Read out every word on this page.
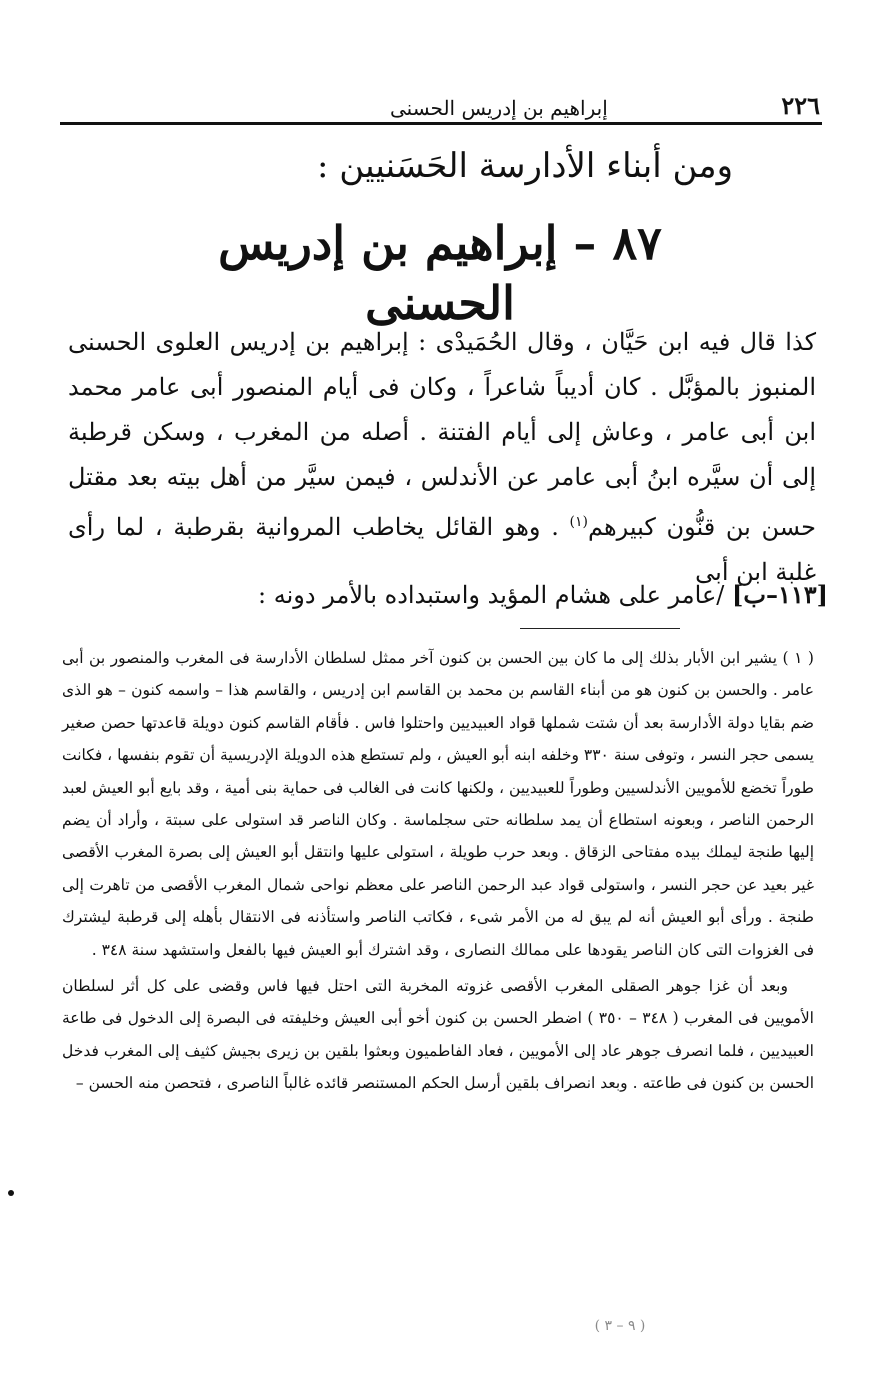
٢٢٦
إبراهيم بن إدريس الحسنى
ومن أبناء الأدارسة الحَسَنيين :
٨٧ – إبراهيم بن إدريس الحسنى

كذا قال فيه ابن حَيَّان ، وقال الحُمَيدْى : إبراهيم بن إدريس العلوى الحسنى المنبوز بالمؤبَّل . كان أديباً شاعراً ، وكان فى أيام المنصور أبى عامر محمد ابن أبى عامر ، وعاش إلى أيام الفتنة . أصله من المغرب ، وسكن قرطبة إلى أن سيَّره ابنُ أبى عامر عن الأندلس ، فيمن سيَّر من أهل بيته بعد مقتل حسن بن قنُّون كبيرهم$^{(١)}$ . وهو القائل يخاطب المروانية بقرطبة ، لما رأى غلبة ابن أبى

[١١٣–ب] /عامر على هشام المؤيد واستبداده بالأمر دونه :

( ١ ) يشير ابن الأبار بذلك إلى ما كان بين الحسن بن كنون آخر ممثل لسلطان الأدارسة فى المغرب والمنصور بن أبى عامر . والحسن بن كنون هو من أبناء القاسم بن محمد بن القاسم ابن إدريس ، والقاسم هذا – واسمه كنون – هو الذى ضم بقايا دولة الأدارسة بعد أن شتت شملها قواد العبيديين واحتلوا فاس . فأقام القاسم كنون دويلة قاعدتها حصن صغير يسمى حجر النسر ، وتوفى سنة ٣٣٠ وخلفه ابنه أبو العيش ، ولم تستطع هذه الدويلة الإدريسية أن تقوم بنفسها ، فكانت طوراً تخضع للأمويين الأندلسيين وطوراً للعبيديين ، ولكنها كانت فى الغالب فى حماية بنى أمية ، وقد بايع أبو العيش لعبد الرحمن الناصر ، وبعونه استطاع أن يمد سلطانه حتى سجلماسة . وكان الناصر قد استولى على سبتة ، وأراد أن يضم إليها طنجة ليملك بيده مفتاحى الزقاق . وبعد حرب طويلة ، استولى عليها وانتقل أبو العيش إلى بصرة المغرب الأقصى غير بعيد عن حجر النسر ، واستولى قواد عبد الرحمن الناصر على معظم نواحى شمال المغرب الأقصى من تاهرت إلى طنجة . ورأى أبو العيش أنه لم يبق له من الأمر شىء ، فكاتب الناصر واستأذنه فى الانتقال بأهله إلى قرطبة ليشترك فى الغزوات التى كان الناصر يقودها على ممالك النصارى ، وقد اشترك أبو العيش فيها بالفعل واستشهد سنة ٣٤٨ .

وبعد أن غزا جوهر الصقلى المغرب الأقصى غزوته المخربة التى احتل فيها فاس وقضى على كل أثر لسلطان الأمويين فى المغرب ( ٣٤٨ – ٣٥٠ ) اضطر الحسن بن كنون أخو أبى العيش وخليفته فى البصرة إلى الدخول فى طاعة العبيديين ، فلما انصرف جوهر عاد إلى الأمويين ، فعاد الفاطميون وبعثوا بلقين بن زيرى بجيش كثيف إلى المغرب فدخل الحسن بن كنون فى طاعته . وبعد انصراف بلقين أرسل الحكم المستنصر قائده غالباً الناصرى ، فتحصن منه الحسن –

( ٩ – ٣ )
